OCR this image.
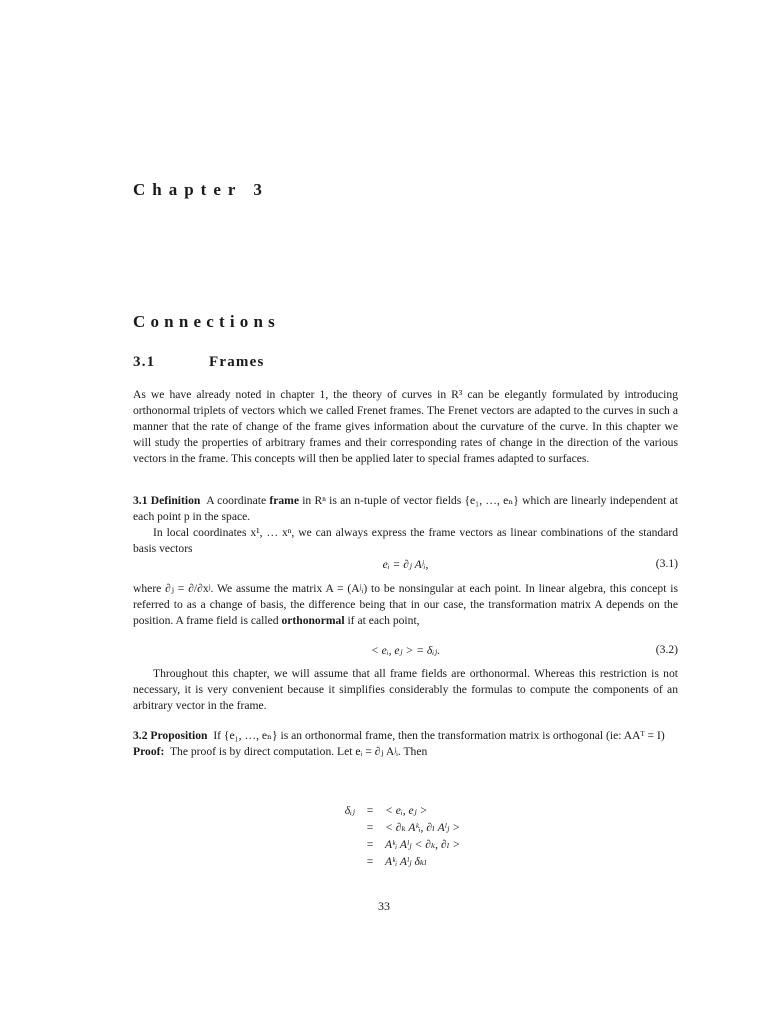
Chapter 3
Connections
3.1	Frames

As we have already noted in chapter 1, the theory of curves in R³ can be elegantly formulated by introducing orthonormal triplets of vectors which we called Frenet frames. The Frenet vectors are adapted to the curves in such a manner that the rate of change of the frame gives information about the curvature of the curve. In this chapter we will study the properties of arbitrary frames and their corresponding rates of change in the direction of the various vectors in the frame. This concepts will then be applied later to special frames adapted to surfaces.

3.1 Definition A coordinate frame in Rⁿ is an n-tuple of vector fields {e₁, …, eₙ} which are linearly independent at each point p in the space.

In local coordinates x¹, … xⁿ, we can always express the frame vectors as linear combinations of the standard basis vectors

eᵢ = ∂ⱼ Aʲᵢ,	(3.1)

where ∂ⱼ = ∂/∂xʲ. We assume the matrix A = (Aʲᵢ) to be nonsingular at each point. In linear algebra, this concept is referred to as a change of basis, the difference being that in our case, the transformation matrix A depends on the position. A frame field is called orthonormal if at each point,

< eᵢ, eⱼ > = δᵢⱼ.	(3.2)

Throughout this chapter, we will assume that all frame fields are orthonormal. Whereas this restriction is not necessary, it is very convenient because it simplifies considerably the formulas to compute the components of an arbitrary vector in the frame.

3.2 Proposition If {e₁, …, eₙ} is an orthonormal frame, then the transformation matrix is orthogonal (ie: AAᵀ = I)

Proof: The proof is by direct computation. Let eᵢ = ∂ⱼ Aʲᵢ. Then

δᵢⱼ = < eᵢ, eⱼ >
= < ∂ₖ Aᵏᵢ, ∂ₗ Aˡⱼ >
= Aᵏᵢ Aˡⱼ < ∂ₖ, ∂ₗ >
= Aᵏᵢ Aˡⱼ δₖₗ
33
